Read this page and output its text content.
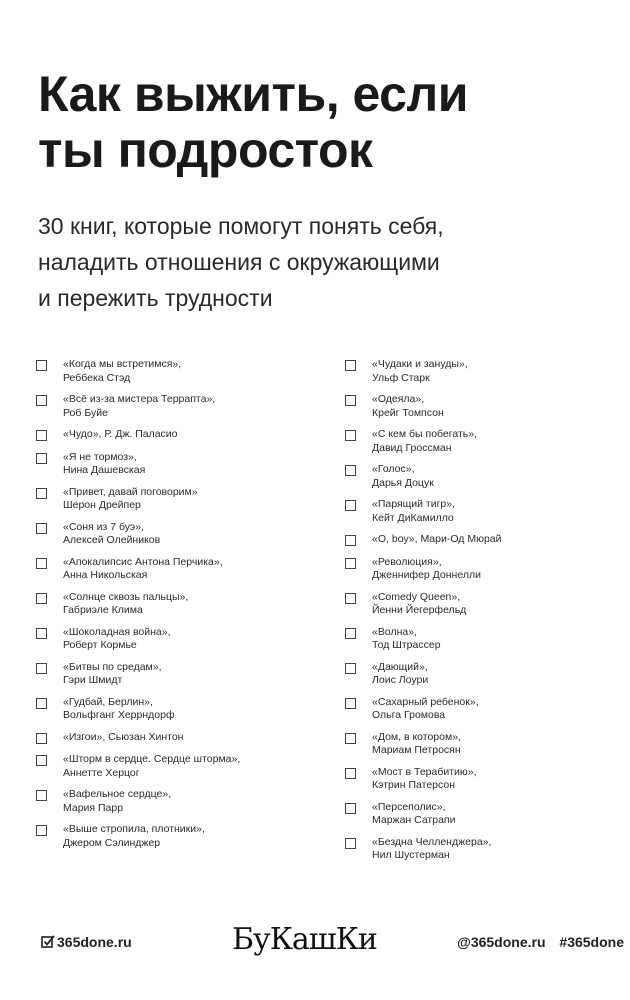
Как выжить, если
ты подросток

30 книг, которые помогут понять себя,
наладить отношения с окружающими
и пережить трудности

«Когда мы встретимся»,
Реббека Стэд
«Всё из-за мистера Террапта»,
Роб Буйе
«Чудо», Р. Дж. Паласио
«Я не тормоз»,
Нина Дашевская
«Привет, давай поговорим»
Шерон Дрейпер
«Соня из 7 буэ»,
Алексей Олейников
«Апокалипсис Антона Перчика»,
Анна Никольская
«Солнце сквозь пальцы»,
Габриэле Клима
«Шоколадная война»,
Роберт Кормье
«Битвы по средам»,
Гэри Шмидт
«Гудбай, Берлин»,
Вольфганг Херрндорф
«Изгои», Сьюзан Хинтон
«Шторм в сердце. Сердце шторма»,
Аннетте Херцог
«Вафельное сердце»,
Мария Парр
«Выше стропила, плотники»,
Джером Сэлинджер
«Чудаки и зануды»,
Ульф Старк
«Одеяла»,
Крейг Томпсон
«С кем бы побегать»,
Давид Гроссман
«Голос»,
Дарья Доцук
«Парящий тигр»,
Кейт ДиКамилло
«O, boy», Мари-Од Мюрай
«Революция»,
Дженнифер Доннелли
«Comedy Queen»,
Йенни Йегерфельд
«Волна»,
Тод Штрассер
«Дающий»,
Лоис Лоури
«Сахарный ребенок»,
Ольга Громова
«Дом, в котором»,
Мариам Петросян
«Мост в Терабитию»,
Кэтрин Патерсон
«Персеполис»,
Маржан Сатрапи
«Бездна Челленджера»,
Нил Шустерман
365done.ru	БуКашКи	@365done.ru #365done
